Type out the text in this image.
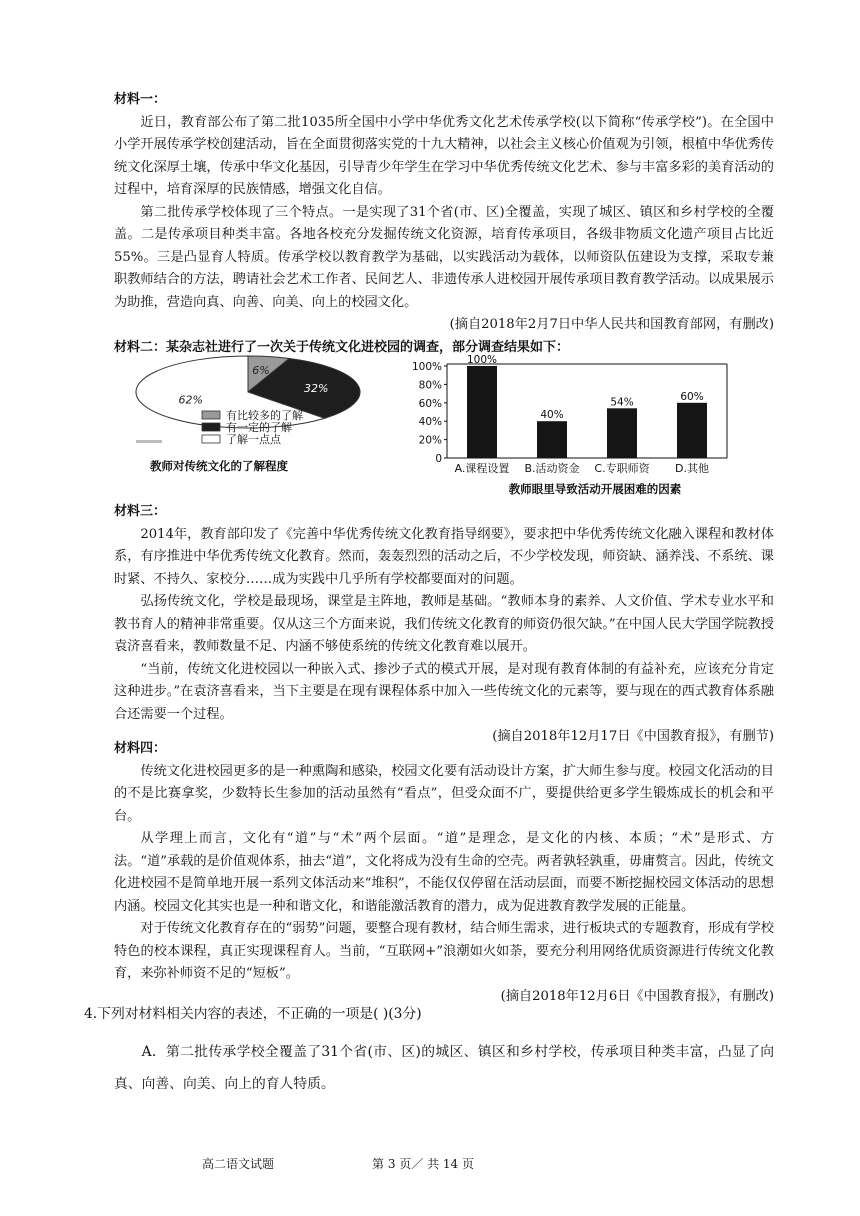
材料一：

近日，教育部公布了第二批1035所全国中小学中华优秀文化艺术传承学校(以下简称“传承学校”)。在全国中小学开展传承学校创建活动，旨在全面贯彻落实党的十九大精神，以社会主义核心价值观为引领，根植中华优秀传统文化深厚土壤，传承中华文化基因，引导青少年学生在学习中华优秀传统文化艺术、参与丰富多彩的美育活动的过程中，培育深厚的民族情感，增强文化自信。

第二批传承学校体现了三个特点。一是实现了31个省(市、区)全覆盖，实现了城区、镇区和乡村学校的全覆盖。二是传承项目种类丰富。各地各校充分发掘传统文化资源，培育传承项目，各级非物质文化遗产项目占比近55%。三是凸显育人特质。传承学校以教育教学为基础，以实践活动为载体，以师资队伍建设为支撑，采取专兼职教师结合的方法，聘请社会艺术工作者、民间艺人、非遗传承人进校园开展传承项目教育教学活动。以成果展示为助推，营造向真、向善、向美、向上的校园文化。

(摘自2018年2月7日中华人民共和国教育部网，有删改)

材料二：某杂志社进行了一次关于传统文化进校园的调查，部分调查结果如下：
6%
32%
62%
有比较多的了解
有一定的了解
了解一点点
教师对传统文化的了解程度	0
20%
40%
60%
80%
100%
100%
A.课程设置
40%
B.活动资金
54%
C.专职师资
60%
D.其他
教师眼里导致活动开展困难的因素
材料三：

2014年，教育部印发了《完善中华优秀传统文化教育指导纲要》，要求把中华优秀传统文化融入课程和教材体系，有序推进中华优秀传统文化教育。然而，轰轰烈烈的活动之后，不少学校发现，师资缺、涵养浅、不系统、课时紧、不持久、家校分……成为实践中几乎所有学校都要面对的问题。

弘扬传统文化，学校是最现场，课堂是主阵地，教师是基础。“教师本身的素养、人文价值、学术专业水平和教书育人的精神非常重要。仅从这三个方面来说，我们传统文化教育的师资仍很欠缺。”在中国人民大学国学院教授袁济喜看来，教师数量不足、内涵不够使系统的传统文化教育难以展开。

“当前，传统文化进校园以一种嵌入式、掺沙子式的模式开展，是对现有教育体制的有益补充，应该充分肯定这种进步。”在袁济喜看来，当下主要是在现有课程体系中加入一些传统文化的元素等，要与现在的西式教育体系融合还需要一个过程。

(摘自2018年12月17日《中国教育报》，有删节)

材料四：

传统文化进校园更多的是一种熏陶和感染，校园文化要有活动设计方案，扩大师生参与度。校园文化活动的目的不是比赛拿奖，少数特长生参加的活动虽然有“看点”，但受众面不广，要提供给更多学生锻炼成长的机会和平台。

从学理上而言，文化有“道”与“术”两个层面。“道”是理念，是文化的内核、本质；“术”是形式、方法。“道”承载的是价值观体系，抽去“道”，文化将成为没有生命的空壳。两者孰轻孰重，毋庸赘言。因此，传统文化进校园不是简单地开展一系列文体活动来“堆积”，不能仅仅停留在活动层面，而要不断挖掘校园文体活动的思想内涵。校园文化其实也是一种和谐文化，和谐能激活教育的潜力，成为促进教育教学发展的正能量。

对于传统文化教育存在的“弱势”问题，要整合现有教材，结合师生需求，进行板块式的专题教育，形成有学校特色的校本课程，真正实现课程育人。当前，“互联网+”浪潮如火如荼，要充分利用网络优质资源进行传统文化教育，来弥补师资不足的“短板”。

(摘自2018年12月6日《中国教育报》，有删改)

4.下列对材料相关内容的表述，不正确的一项是( )(3分)

A．第二批传承学校全覆盖了31个省(市、区)的城区、镇区和乡村学校，传承项目种类丰富，凸显了向真、向善、向美、向上的育人特质。

高二语文试题	第 3 页／ 共 14 页
